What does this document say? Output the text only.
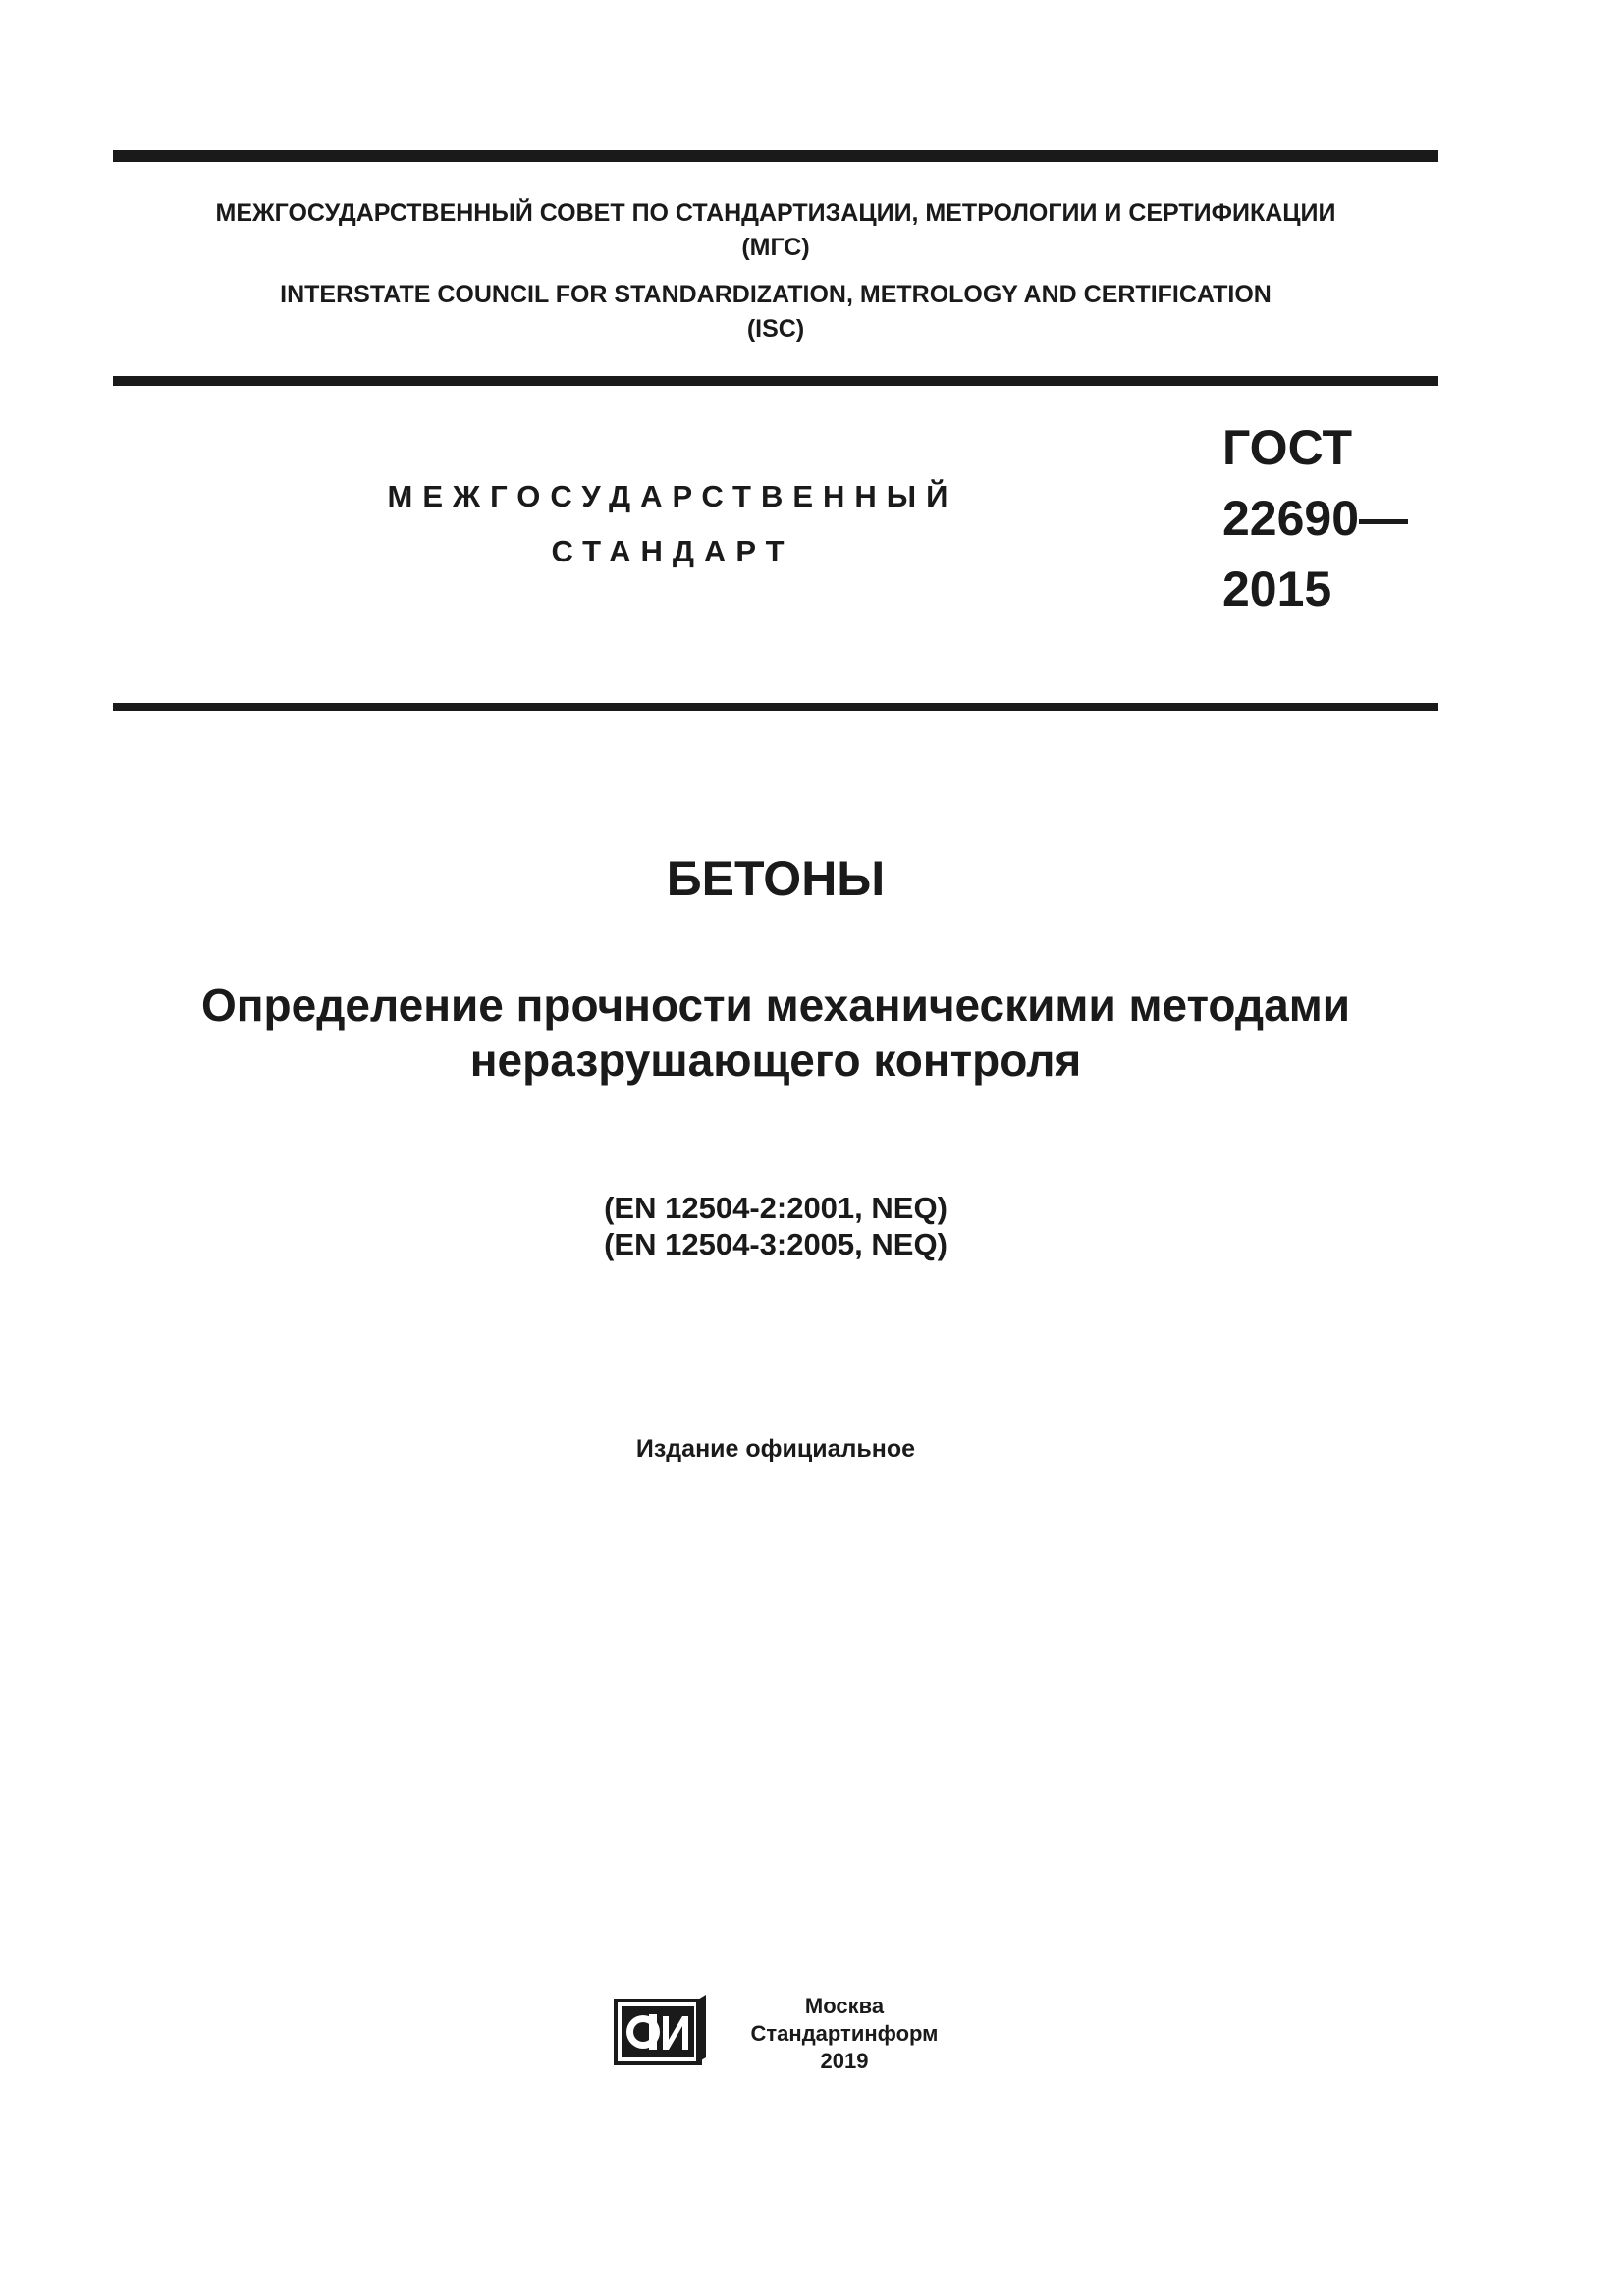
МЕЖГОСУДАРСТВЕННЫЙ СОВЕТ ПО СТАНДАРТИЗАЦИИ, МЕТРОЛОГИИ И СЕРТИФИКАЦИИ
(МГС)
INTERSTATE COUNCIL FOR STANDARDIZATION, METROLOGY AND CERTIFICATION
(ISC)
МЕЖГОСУДАРСТВЕННЫЙ
СТАНДАРТ
ГОСТ
22690—
2015
БЕТОНЫ
Определение прочности механическими методами
неразрушающего контроля
(EN 12504-2:2001, NEQ)
(EN 12504-3:2005, NEQ)
Издание официальное
Москва
Стандартинформ
2019
